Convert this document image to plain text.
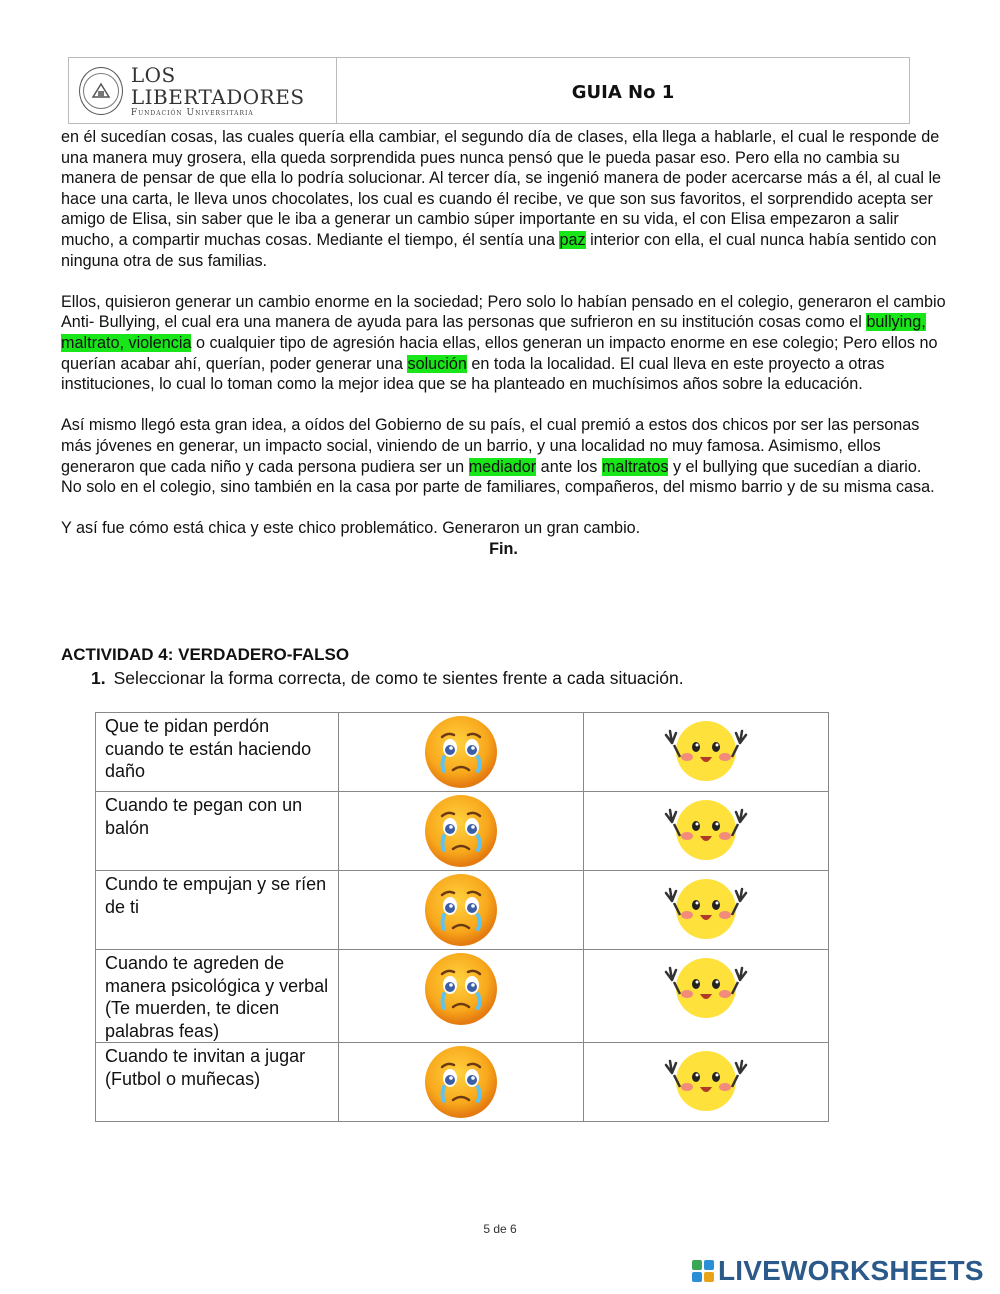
LOS LIBERTADORES
Fundación Universitaria
GUIA No 1

en él sucedían cosas, las cuales quería ella cambiar, el segundo día de clases, ella llega a hablarle, el cual le responde de una manera muy grosera, ella queda sorprendida pues nunca pensó que le pueda pasar eso. Pero ella no cambia su manera de pensar de que ella lo podría solucionar. Al tercer día, se ingenió manera de poder acercarse más a él, al cual le hace una carta, le lleva unos chocolates, los cual es cuando él recibe, ve que son sus favoritos, el sorprendido acepta ser amigo de Elisa, sin saber que le iba a generar un cambio súper importante en su vida, el con Elisa empezaron a salir mucho, a compartir muchas cosas. Mediante el tiempo, él sentía una paz interior con ella, el cual nunca había sentido con ninguna otra de sus familias.

Ellos, quisieron generar un cambio enorme en la sociedad; Pero solo lo habían pensado en el colegio, generaron el cambio Anti- Bullying, el cual era una manera de ayuda para las personas que sufrieron en su institución cosas como el bullying, maltrato, violencia o cualquier tipo de agresión hacia ellas, ellos generan un impacto enorme en ese colegio; Pero ellos no querían acabar ahí, querían, poder generar una solución en toda la localidad. El cual lleva en este proyecto a otras instituciones, lo cual lo toman como la mejor idea que se ha planteado en muchísimos años sobre la educación.

Así mismo llegó esta gran idea, a oídos del Gobierno de su país, el cual premió a estos dos chicos por ser las personas más jóvenes en generar, un impacto social, viniendo de un barrio, y una localidad no muy famosa. Asimismo, ellos generaron que cada niño y cada persona pudiera ser un mediador ante los maltratos y el bullying que sucedían a diario. No solo en el colegio, sino también en la casa por parte de familiares, compañeros, del mismo barrio y de su misma casa.

Y así fue cómo está chica y este chico problemático. Generaron un gran cambio.

Fin.

ACTIVIDAD 4: VERDADERO-FALSO
1. Seleccionar la forma correcta, de como te sientes frente a cada situación.
Que te pidan perdón cuando te están haciendo daño	

Cuando te pegan con un balón	

Cundo te empujan y se ríen de ti	

Cuando te agreden de manera psicológica y verbal (Te muerden, te dicen palabras feas)	

Cuando te invitan a jugar (Futbol o muñecas)	

5 de 6
LIVEWORKSHEETS
